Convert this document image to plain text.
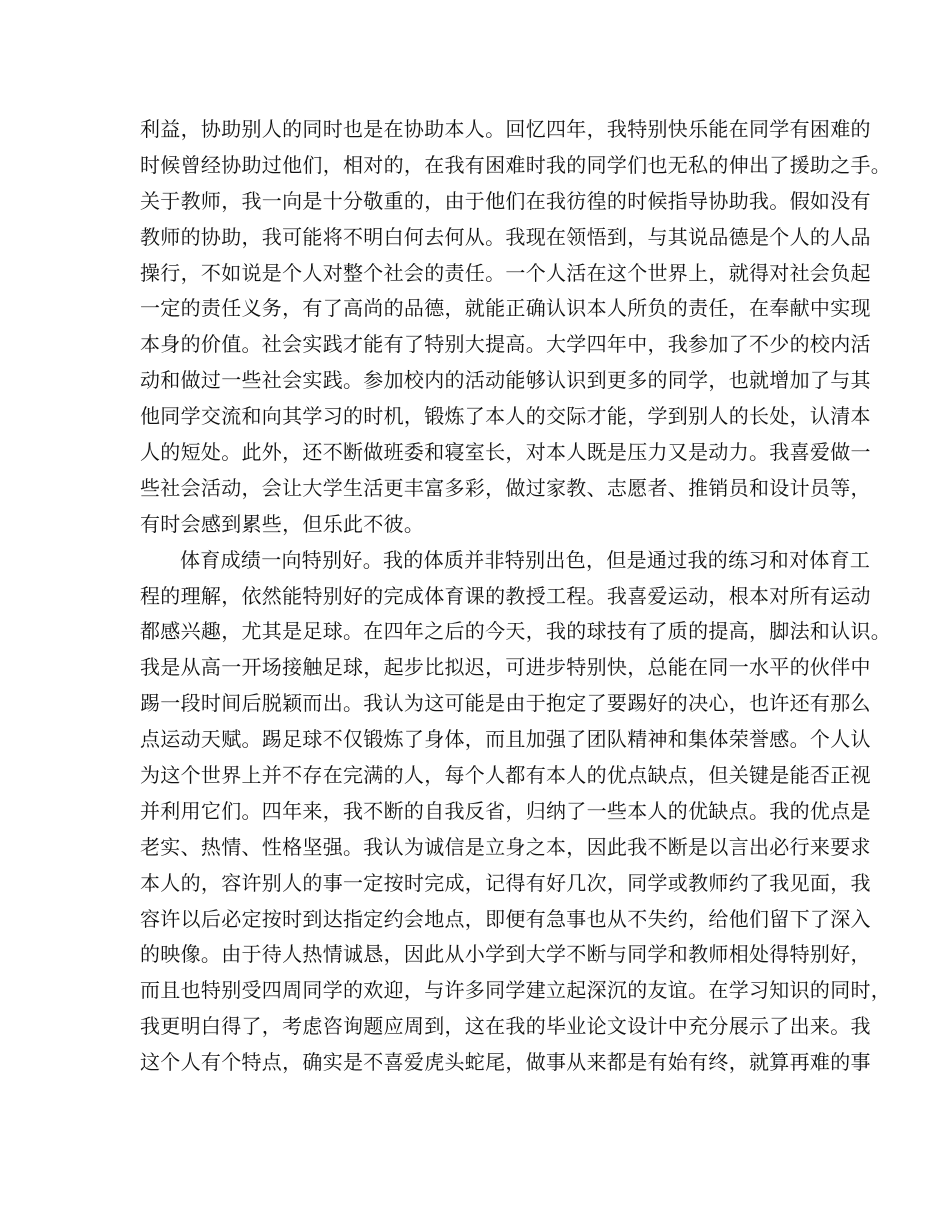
利益，协助别人的同时也是在协助本人。回忆四年，我特别快乐能在同学有困难的
时候曾经协助过他们，相对的，在我有困难时我的同学们也无私的伸出了援助之手。
关于教师，我一向是十分敬重的，由于他们在我彷徨的时候指导协助我。假如没有
教师的协助，我可能将不明白何去何从。我现在领悟到，与其说品德是个人的人品
操行，不如说是个人对整个社会的责任。一个人活在这个世界上，就得对社会负起
一定的责任义务，有了高尚的品德，就能正确认识本人所负的责任，在奉献中实现
本身的价值。社会实践才能有了特别大提高。大学四年中，我参加了不少的校内活
动和做过一些社会实践。参加校内的活动能够认识到更多的同学，也就增加了与其
他同学交流和向其学习的时机，锻炼了本人的交际才能，学到别人的长处，认清本
人的短处。此外，还不断做班委和寝室长，对本人既是压力又是动力。我喜爱做一
些社会活动，会让大学生活更丰富多彩，做过家教、志愿者、推销员和设计员等，
有时会感到累些，但乐此不彼。
体育成绩一向特别好。我的体质并非特别出色，但是通过我的练习和对体育工
程的理解，依然能特别好的完成体育课的教授工程。我喜爱运动，根本对所有运动
都感兴趣，尤其是足球。在四年之后的今天，我的球技有了质的提高，脚法和认识。
我是从高一开场接触足球，起步比拟迟，可进步特别快，总能在同一水平的伙伴中
踢一段时间后脱颖而出。我认为这可能是由于抱定了要踢好的决心，也许还有那么
点运动天赋。踢足球不仅锻炼了身体，而且加强了团队精神和集体荣誉感。个人认
为这个世界上并不存在完满的人，每个人都有本人的优点缺点，但关键是能否正视
并利用它们。四年来，我不断的自我反省，归纳了一些本人的优缺点。我的优点是
老实、热情、性格坚强。我认为诚信是立身之本，因此我不断是以言出必行来要求
本人的，容许别人的事一定按时完成，记得有好几次，同学或教师约了我见面，我
容许以后必定按时到达指定约会地点，即便有急事也从不失约，给他们留下了深入
的映像。由于待人热情诚恳，因此从小学到大学不断与同学和教师相处得特别好，
而且也特别受四周同学的欢迎，与许多同学建立起深沉的友谊。在学习知识的同时，
我更明白得了，考虑咨询题应周到，这在我的毕业论文设计中充分展示了出来。我
这个人有个特点，确实是不喜爱虎头蛇尾，做事从来都是有始有终，就算再难的事
